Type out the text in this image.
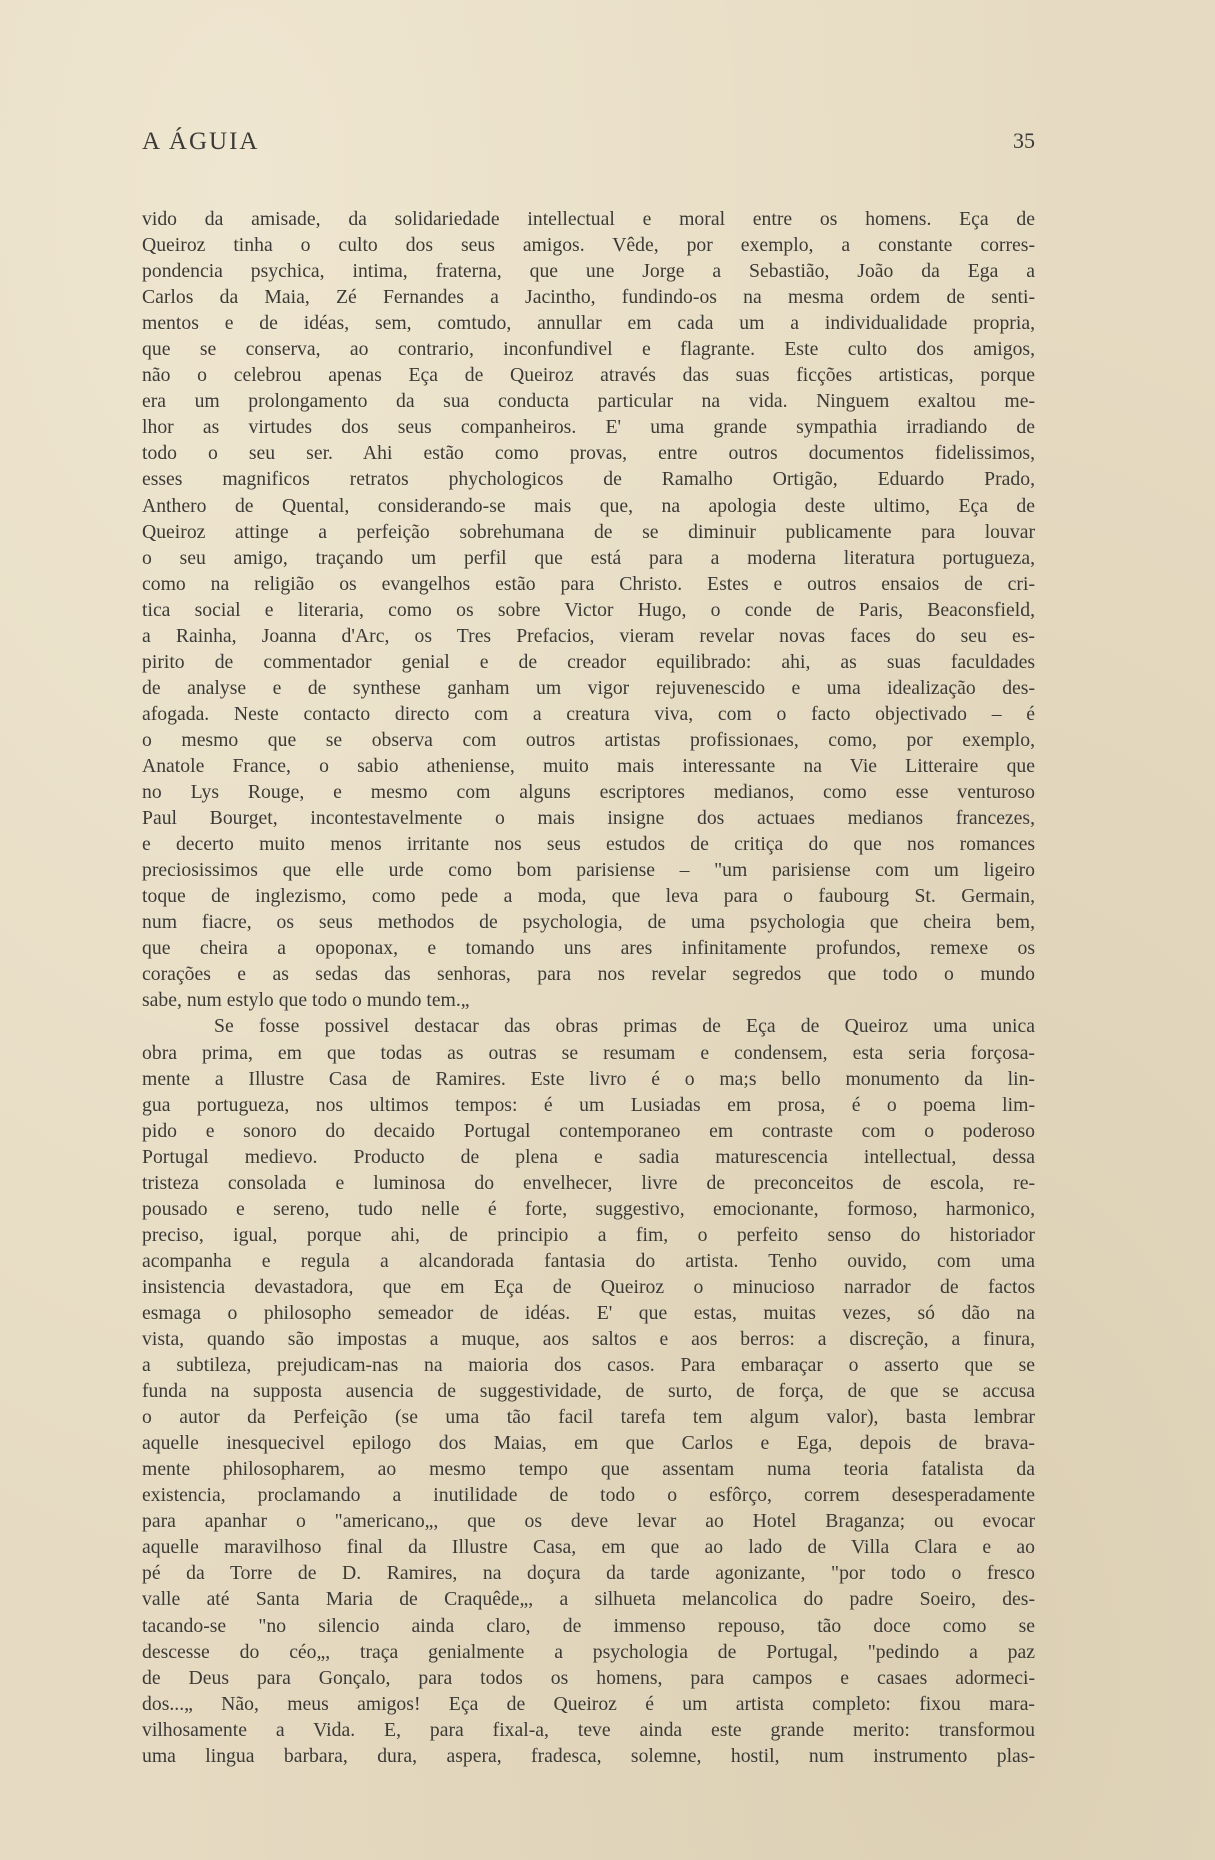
A ÁGUIA	35
vido da amisade, da solidariedade intellectual e moral entre os homens. Eça de
Queiroz tinha o culto dos seus amigos. Vêde, por exemplo, a constante corres-
pondencia psychica, intima, fraterna, que une Jorge a Sebastião, João da Ega a
Carlos da Maia, Zé Fernandes a Jacintho, fundindo-os na mesma ordem de senti-
mentos e de idéas, sem, comtudo, annullar em cada um a individualidade propria,
que se conserva, ao contrario, inconfundivel e flagrante. Este culto dos amigos,
não o celebrou apenas Eça de Queiroz através das suas ficções artisticas, porque
era um prolongamento da sua conducta particular na vida. Ninguem exaltou me-
lhor as virtudes dos seus companheiros. E' uma grande sympathia irradiando de
todo o seu ser. Ahi estão como provas, entre outros documentos fidelissimos,
esses magnificos retratos phychologicos de Ramalho Ortigão, Eduardo Prado,
Anthero de Quental, considerando-se mais que, na apologia deste ultimo, Eça de
Queiroz attinge a perfeição sobrehumana de se diminuir publicamente para louvar
o seu amigo, traçando um perfil que está para a moderna literatura portugueza,
como na religião os evangelhos estão para Christo. Estes e outros ensaios de cri-
tica social e literaria, como os sobre Victor Hugo, o conde de Paris, Beaconsfield,
a Rainha, Joanna d'Arc, os Tres Prefacios, vieram revelar novas faces do seu es-
pirito de commentador genial e de creador equilibrado: ahi, as suas faculdades
de analyse e de synthese ganham um vigor rejuvenescido e uma idealização des-
afogada. Neste contacto directo com a creatura viva, com o facto objectivado – é
o mesmo que se observa com outros artistas profissionaes, como, por exemplo,
Anatole France, o sabio atheniense, muito mais interessante na Vie Litteraire que
no Lys Rouge, e mesmo com alguns escriptores medianos, como esse venturoso
Paul Bourget, incontestavelmente o mais insigne dos actuaes medianos francezes,
e decerto muito menos irritante nos seus estudos de critiça do que nos romances
preciosissimos que elle urde como bom parisiense – "um parisiense com um ligeiro
toque de inglezismo, como pede a moda, que leva para o faubourg St. Germain,
num fiacre, os seus methodos de psychologia, de uma psychologia que cheira bem,
que cheira a opoponax, e tomando uns ares infinitamente profundos, remexe os
corações e as sedas das senhoras, para nos revelar segredos que todo o mundo
sabe, num estylo que todo o mundo tem.„
Se fosse possivel destacar das obras primas de Eça de Queiroz uma unica
obra prima, em que todas as outras se resumam e condensem, esta seria forçosa-
mente a Illustre Casa de Ramires. Este livro é o ma;s bello monumento da lin-
gua portugueza, nos ultimos tempos: é um Lusiadas em prosa, é o poema lim-
pido e sonoro do decaido Portugal contemporaneo em contraste com o poderoso
Portugal medievo. Producto de plena e sadia maturescencia intellectual, dessa
tristeza consolada e luminosa do envelhecer, livre de preconceitos de escola, re-
pousado e sereno, tudo nelle é forte, suggestivo, emocionante, formoso, harmonico,
preciso, igual, porque ahi, de principio a fim, o perfeito senso do historiador
acompanha e regula a alcandorada fantasia do artista. Tenho ouvido, com uma
insistencia devastadora, que em Eça de Queiroz o minucioso narrador de factos
esmaga o philosopho semeador de idéas. E' que estas, muitas vezes, só dão na
vista, quando são impostas a muque, aos saltos e aos berros: a discreção, a finura,
a subtileza, prejudicam-nas na maioria dos casos. Para embaraçar o asserto que se
funda na supposta ausencia de suggestividade, de surto, de força, de que se accusa
o autor da Perfeição (se uma tão facil tarefa tem algum valor), basta lembrar
aquelle inesquecivel epilogo dos Maias, em que Carlos e Ega, depois de brava-
mente philosopharem, ao mesmo tempo que assentam numa teoria fatalista da
existencia, proclamando a inutilidade de todo o esfôrço, correm desesperadamente
para apanhar o "americano„, que os deve levar ao Hotel Braganza; ou evocar
aquelle maravilhoso final da Illustre Casa, em que ao lado de Villa Clara e ao
pé da Torre de D. Ramires, na doçura da tarde agonizante, "por todo o fresco
valle até Santa Maria de Craquêde„, a silhueta melancolica do padre Soeiro, des-
tacando-se "no silencio ainda claro, de immenso repouso, tão doce como se
descesse do céo„, traça genialmente a psychologia de Portugal, "pedindo a paz
de Deus para Gonçalo, para todos os homens, para campos e casaes adormeci-
dos...„ Não, meus amigos! Eça de Queiroz é um artista completo: fixou mara-
vilhosamente a Vida. E, para fixal-a, teve ainda este grande merito: transformou
uma lingua barbara, dura, aspera, fradesca, solemne, hostil, num instrumento plas-
